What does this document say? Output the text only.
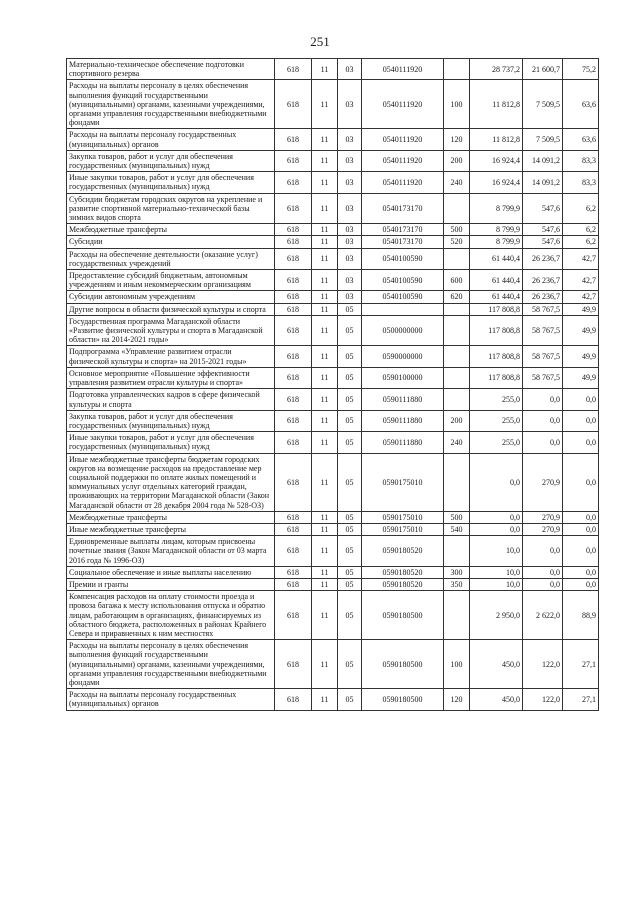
251
Материально-техническое обеспечение подготовки спортивного резерва	618	11	03	0540111920		28 737,2	21 600,7	75,2
Расходы на выплаты персоналу в целях обеспечения выполнения функций государственными (муниципальными) органами, казенными учреждениями, органами управления государственными внебюджетными фондами	618	11	03	0540111920	100	11 812,8	7 509,5	63,6
Расходы на выплаты персоналу государственных (муниципальных) органов	618	11	03	0540111920	120	11 812,8	7 509,5	63,6
Закупка товаров, работ и услуг для обеспечения государственных (муниципальных) нужд	618	11	03	0540111920	200	16 924,4	14 091,2	83,3
Иные закупки товаров, работ и услуг для обеспечения государственных (муниципальных) нужд	618	11	03	0540111920	240	16 924,4	14 091,2	83,3
Субсидии бюджетам городских округов на укрепление и развитие спортивной материально-технической базы зимних видов спорта	618	11	03	0540173170		8 799,9	547,6	6,2
Межбюджетные трансферты	618	11	03	0540173170	500	8 799,9	547,6	6,2
Субсидии	618	11	03	0540173170	520	8 799,9	547,6	6,2
Расходы на обеспечение деятельности (оказание услуг) государственных учреждений	618	11	03	0540100590		61 440,4	26 236,7	42,7
Предоставление субсидий бюджетным, автономным учреждениям и иным некоммерческим организациям	618	11	03	0540100590	600	61 440,4	26 236,7	42,7
Субсидии автономным учреждениям	618	11	03	0540100590	620	61 440,4	26 236,7	42,7
Другие вопросы в области физической культуры и спорта	618	11	05			117 808,8	58 767,5	49,9
Государственная программа Магаданской области «Развитие физической культуры и спорта в Магаданской области» на 2014-2021 годы»	618	11	05	0500000000		117 808,8	58 767,5	49,9
Подпрограмма «Управление развитием отрасли физической культуры и спорта» на 2015-2021 годы»	618	11	05	0590000000		117 808,8	58 767,5	49,9
Основное мероприятие «Повышение эффективности управления развитием отрасли культуры и спорта»	618	11	05	0590100000		117 808,8	58 767,5	49,9
Подготовка управленческих кадров в сфере физической культуры и спорта	618	11	05	0590111880		255,0	0,0	0,0
Закупка товаров, работ и услуг для обеспечения государственных (муниципальных) нужд	618	11	05	0590111880	200	255,0	0,0	0,0
Иные закупки товаров, работ и услуг для обеспечения государственных (муниципальных) нужд	618	11	05	0590111880	240	255,0	0,0	0,0
Иные межбюджетные трансферты бюджетам городских округов на возмещение расходов на предоставление мер социальной поддержки по оплате жилых помещений и коммунальных услуг отдельных категорий граждан, проживающих на территории Магаданской области (Закон Магаданской области от 28 декабря 2004 года № 528-ОЗ)	618	11	05	0590175010		0,0	270,9	0,0
Межбюджетные трансферты	618	11	05	0590175010	500	0,0	270,9	0,0
Иные межбюджетные трансферты	618	11	05	0590175010	540	0,0	270,9	0,0
Единовременные выплаты лицам, которым присвоены почетные звания (Закон Магаданской области от 03 марта 2016 года № 1996-ОЗ)	618	11	05	0590180520		10,0	0,0	0,0
Социальное обеспечение и иные выплаты населению	618	11	05	0590180520	300	10,0	0,0	0,0
Премии и гранты	618	11	05	0590180520	350	10,0	0,0	0,0
Компенсация расходов на оплату стоимости проезда и провоза багажа к месту использования отпуска и обратно лицам, работающим в организациях, финансируемых из областного бюджета, расположенных в районах Крайнего Севера и приравненных к ним местностях	618	11	05	0590180500		2 950,0	2 622,0	88,9
Расходы на выплаты персоналу в целях обеспечения выполнения функций государственными (муниципальными) органами, казенными учреждениями, органами управления государственными внебюджетными фондами	618	11	05	0590180500	100	450,0	122,0	27,1
Расходы на выплаты персоналу государственных (муниципальных) органов	618	11	05	0590180500	120	450,0	122,0	27,1
